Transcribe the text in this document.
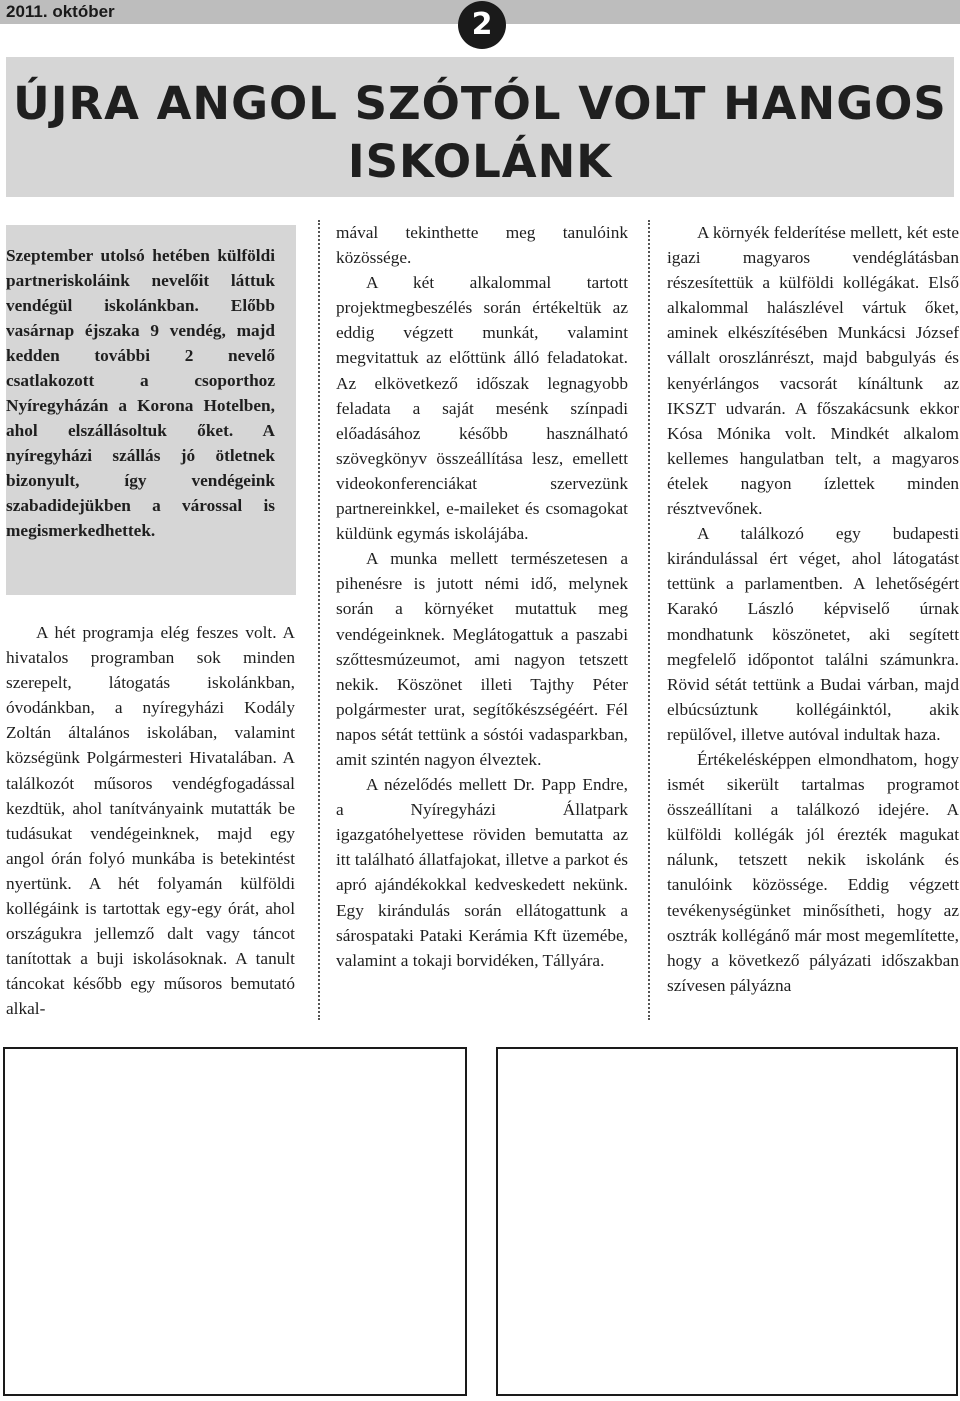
2011. október	2
ÚJRA ANGOL SZÓTÓL VOLT HANGOS ISKOLÁNK

Szeptember utolsó hetében külföldi partneriskoláink nevelőit láttuk vendégül iskolánkban. Előbb vasárnap éjszaka 9 vendég, majd kedden további 2 nevelő csatlakozott a csoporthoz Nyíregyházán a Korona Hotelben, ahol elszállásoltuk őket. A nyíregyházi szállás jó ötletnek bizonyult, így vendégeink szabadidejükben a várossal is megismerkedhettek.

A hét programja elég feszes volt. A hivatalos programban sok minden szerepelt, látogatás iskolánkban, óvodánkban, a nyíregyházi Kodály Zoltán általános iskolában, valamint községünk Polgármesteri Hivatalában. A találkozót műsoros vendégfogadással kezdtük, ahol tanítványaink mutatták be tudásukat vendégeinknek, majd egy angol órán folyó munkába is betekintést nyertünk. A hét folyamán külföldi kollégáink is tartottak egy-egy órát, ahol országukra jellemző dalt vagy táncot tanítottak a buji iskolásoknak. A tanult táncokat később egy műsoros bemutató alkal-

mával tekinthette meg tanulóink közössége.

A két alkalommal tartott projektmegbeszélés során értékeltük az eddig végzett munkát, valamint megvitattuk az előttünk álló feladatokat. Az elkövetkező időszak legnagyobb feladata a saját mesénk színpadi előadásához később használható szövegkönyv összeállítása lesz, emellett videokonferenciákat szervezünk partnereinkkel, e-maileket és csomagokat küldünk egymás iskolájába.

A munka mellett természetesen a pihenésre is jutott némi idő, melynek során a környéket mutattuk meg vendégeinknek. Meglátogattuk a paszabi szőttesmúzeumot, ami nagyon tetszett nekik. Köszönet illeti Tajthy Péter polgármester urat, segítőkészségéért. Fél napos sétát tettünk a sóstói vadasparkban, amit szintén nagyon élveztek.

A nézelődés mellett Dr. Papp Endre, a Nyíregyházi Állatpark igazgatóhelyettese röviden bemutatta az itt található állatfajokat, illetve a parkot és apró ajándékokkal kedveskedett nekünk. Egy kirándulás során ellátogattunk a sárospataki Pataki Kerámia Kft üzemébe, valamint a tokaji borvidéken, Tállyára.

A környék felderítése mellett, két este igazi magyaros vendéglátásban részesítettük a külföldi kollégákat. Első alkalommal halászlével vártuk őket, aminek elkészítésében Munkácsi József vállalt oroszlánrészt, majd babgulyás és kenyérlángos vacsorát kínáltunk az IKSZT udvarán. A főszakácsunk ekkor Kósa Mónika volt. Mindkét alkalom kellemes hangulatban telt, a magyaros ételek nagyon ízlettek minden résztvevőnek.

A találkozó egy budapesti kirándulással ért véget, ahol látogatást tettünk a parlamentben. A lehetőségért Karakó László képviselő úrnak mondhatunk köszönetet, aki segített megfelelő időpontot találni számunkra. Rövid sétát tettünk a Budai várban, majd elbúcsúztunk kollégáinktól, akik repülővel, illetve autóval indultak haza.

Értékelésképpen elmondhatom, hogy ismét sikerült tartalmas programot összeállítani a találkozó idejére. A külföldi kollégák jól érezték magukat nálunk, tetszett nekik iskolánk és tanulóink közössége. Eddig végzett tevékenységünket minősítheti, hogy az osztrák kollégánő már most megemlítette, hogy a következő pályázati időszakban szívesen pályázna
